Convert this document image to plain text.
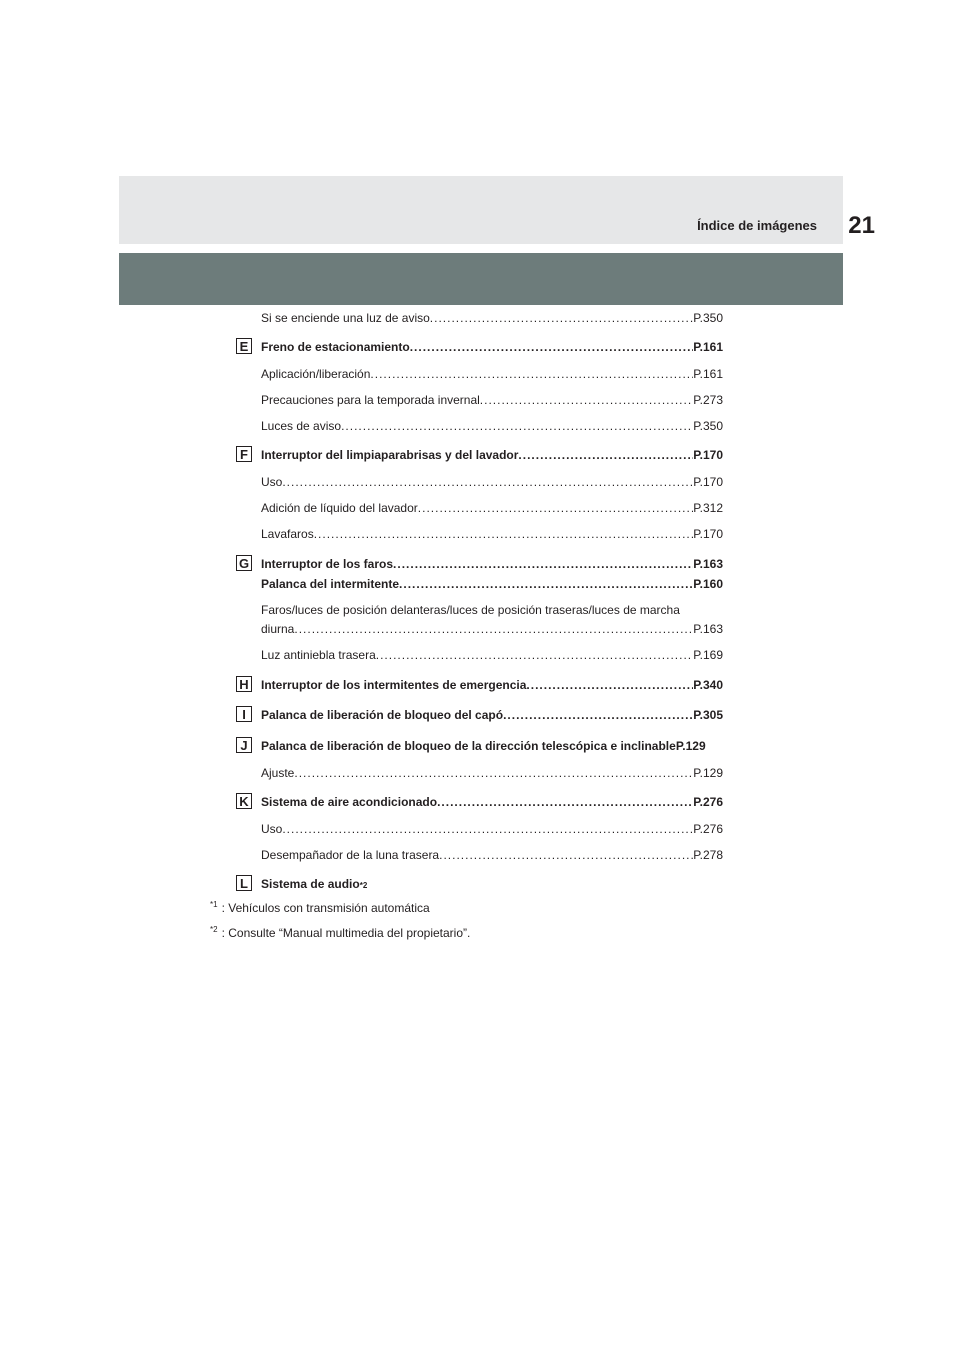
Índice de imágenes 21
Si se enciende una luz de aviso .....	P.350
E	Freno de estacionamiento .....	P.161
Aplicación/liberación .....	P.161
Precauciones para la temporada invernal .....	P.273
Luces de aviso .....	P.350
F	Interruptor del limpiaparabrisas y del lavador .....	P.170
Uso .....	P.170
Adición de líquido del lavador .....	P.312
Lavafaros .....	P.170
G Interruptor de los faros .....	P.163
Palanca del intermitente .....	P.160
Faros/luces de posición delanteras/luces de posición traseras/luces de marcha
diurna .....	P.163
Luz antiniebla trasera .....	P.169
H Interruptor de los intermitentes de emergencia .....	P.340
I	Palanca de liberación de bloqueo del capó .....	P.305
J	Palanca de liberación de bloqueo de la dirección telescópica e inclinable P.129
Ajuste .....	P.129
K Sistema de aire acondicionado .....	P.276
Uso .....	P.276
Desempañador de la luna trasera .....	P.278
L	Sistema de audio *2
$^{*1}$ : Vehículos con transmisión automática
$^{*2}$ : Consulte “Manual multimedia del propietario”.
